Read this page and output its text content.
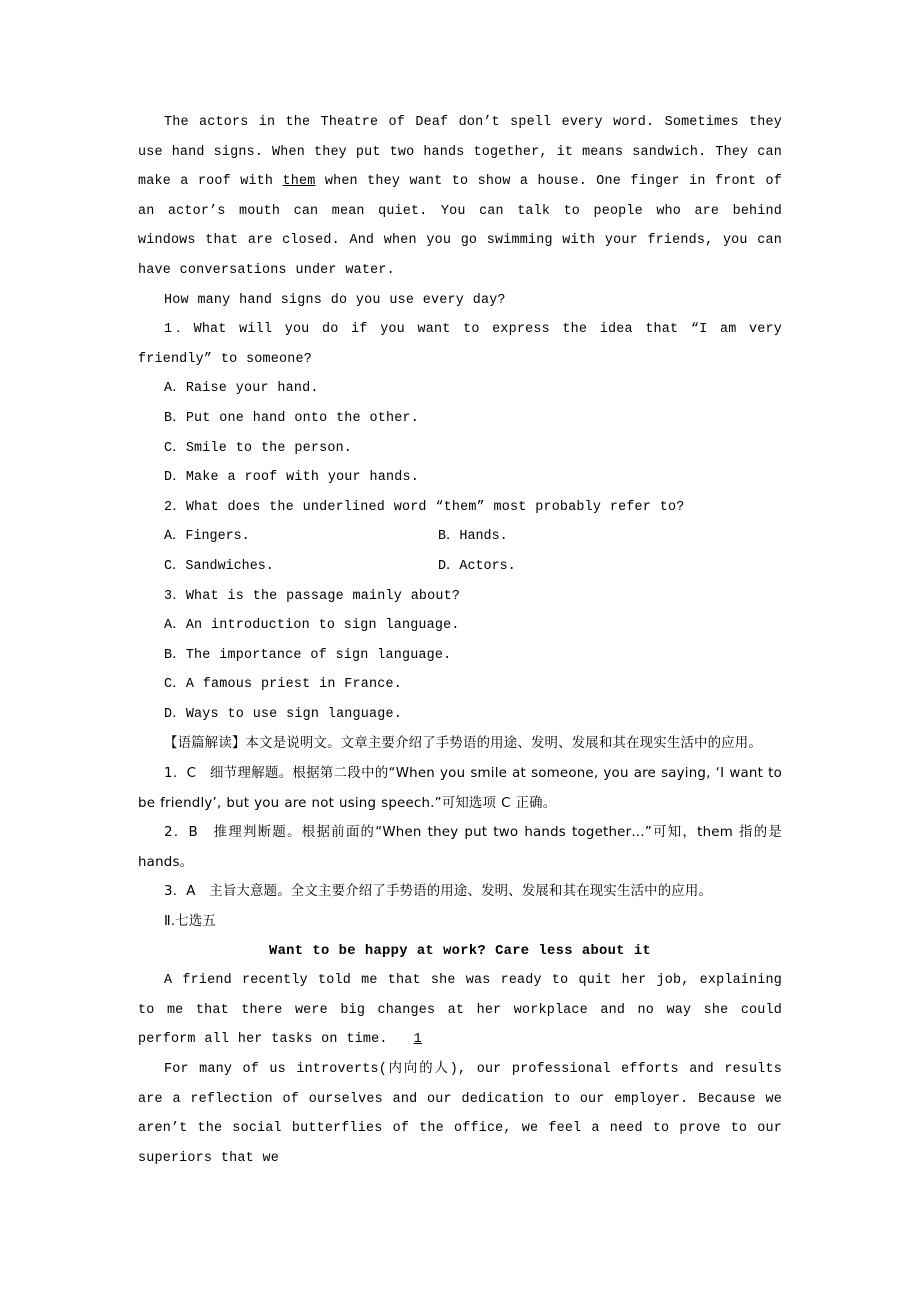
The actors in the Theatre of Deaf don’t spell every word. Sometimes they use hand signs. When they put two hands together, it means sandwich. They can make a roof with them when they want to show a house. One finger in front of an actor’s mouth can mean quiet. You can talk to people who are behind windows that are closed. And when you go swimming with your friends, you can have conversations under water.

How many hand signs do you use every day?

1．What will you do if you want to express the idea that “I am very friendly” to someone?

A．Raise your hand.

B．Put one hand onto the other.

C．Smile to the person.

D．Make a roof with your hands.

2．What does the underlined word “them” most probably refer to?

A．Fingers.	B．Hands.
C．Sandwiches.	D．Actors.

3．What is the passage mainly about?

A．An introduction to sign language.

B．The importance of sign language.

C．A famous priest in France.

D．Ways to use sign language.

【语篇解读】本文是说明文。文章主要介绍了手势语的用途、发明、发展和其在现实生活中的应用。

1．C　细节理解题。根据第二段中的“When you smile at someone, you are saying, ‘I want to be friendly’, but you are not using speech.”可知选项 C 正确。

2．B　推理判断题。根据前面的“When they put two hands together…”可知，them 指的是 hands。

3．A　主旨大意题。全文主要介绍了手势语的用途、发明、发展和其在现实生活中的应用。

Ⅱ.七选五

Want to be happy at work? Care less about it

A friend recently told me that she was ready to quit her job, explaining to me that there were big changes at her workplace and no way she could perform all her tasks on time. 1

For many of us introverts(内向的人), our professional efforts and results are a reflection of ourselves and our dedication to our employer. Because we aren’t the social butterflies of the office, we feel a need to prove to our superiors that we
